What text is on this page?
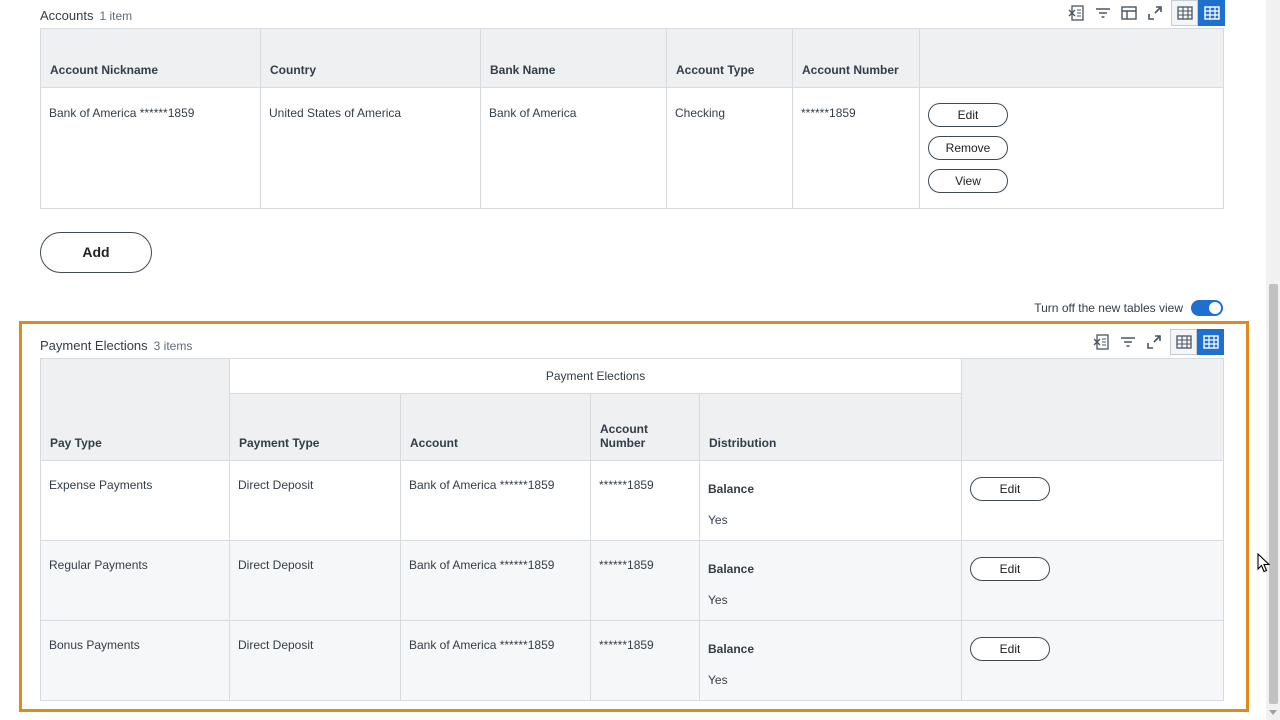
Accounts 1 item
Account Nickname	Country	Bank Name	Account Type	Account Number	
Bank of America ******1859	United States of America	Bank of America	Checking	******1859	Edit
Remove
View
Add
Turn off the new tables view
Payment Elections 3 items
Pay Type	Payment Elections				
	Payment Type	Account	Account Number	Distribution	
Expense Payments	Direct Deposit	Bank of America ******1859	******1859	Balance
Yes	Edit

Regular Payments	Direct Deposit	Bank of America ******1859	******1859	Balance
Yes	Edit

Bonus Payments	Direct Deposit	Bank of America ******1859	******1859	Balance
Yes	Edit
